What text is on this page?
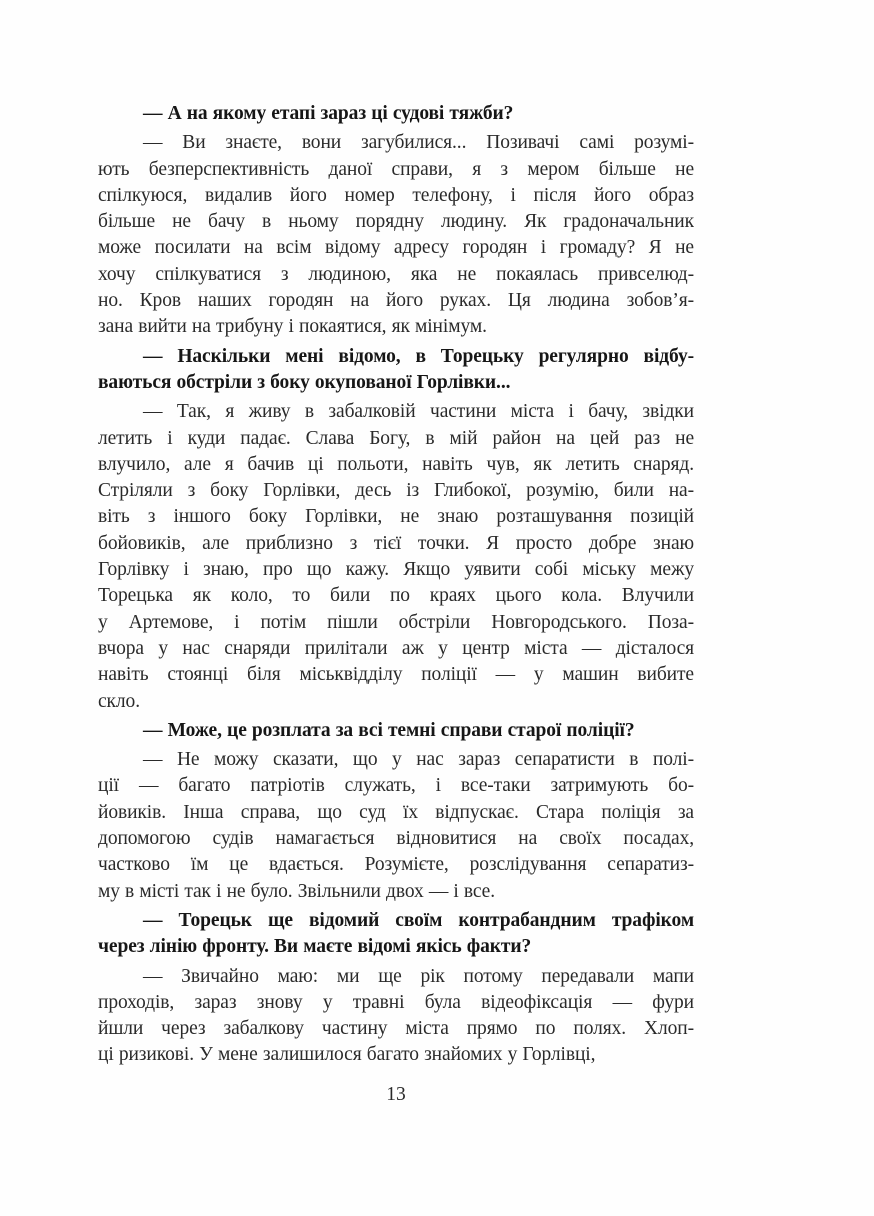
— А на якому етапі зараз ці судові тяжби?
— Ви знаєте, вони загубилися... Позивачі самі розумі-
ють безперспективність даної справи, я з мером більше не
спілкуюся, видалив його номер телефону, і після його образ
більше не бачу в ньому порядну людину. Як градоначальник
може посилати на всім відому адресу городян і громаду? Я не
хочу спілкуватися з людиною, яка не покаялась привселюд-
но. Кров наших городян на його руках. Ця людина зобов’я-
зана вийти на трибуну і покаятися, як мінімум.
— Наскільки мені відомо, в Торецьку регулярно відбу-
ваються обстріли з боку окупованої Горлівки...
— Так, я живу в забалковій частини міста і бачу, звідки
летить і куди падає. Слава Богу, в мій район на цей раз не
влучило, але я бачив ці польоти, навіть чув, як летить снаряд.
Стріляли з боку Горлівки, десь із Глибокої, розумію, били на-
віть з іншого боку Горлівки, не знаю розташування позицій
бойовиків, але приблизно з тієї точки. Я просто добре знаю
Горлівку і знаю, про що кажу. Якщо уявити собі міську межу
Торецька як коло, то били по краях цього кола. Влучили
у Артемове, і потім пішли обстріли Новгородського. Поза-
вчора у нас снаряди прилітали аж у центр міста — дісталося
навіть стоянці біля міськвідділу поліції — у машин вибите
скло.
— Може, це розплата за всі темні справи старої поліції?
— Не можу сказати, що у нас зараз сепаратисти в полі-
ції — багато патріотів служать, і все-таки затримують бо-
йовиків. Інша справа, що суд їх відпускає. Стара поліція за
допомогою судів намагається відновитися на своїх посадах,
частково їм це вдається. Розумієте, розслідування сепаратиз-
му в місті так і не було. Звільнили двох — і все.
— Торецьк ще відомий своїм контрабандним трафіком
через лінію фронту. Ви маєте відомі якісь факти?
— Звичайно маю: ми ще рік потому передавали мапи
проходів, зараз знову у травні була відеофіксація — фури
йшли через забалкову частину міста прямо по полях. Хлоп-
ці ризикові. У мене залишилося багато знайомих у Горлівці,
13
